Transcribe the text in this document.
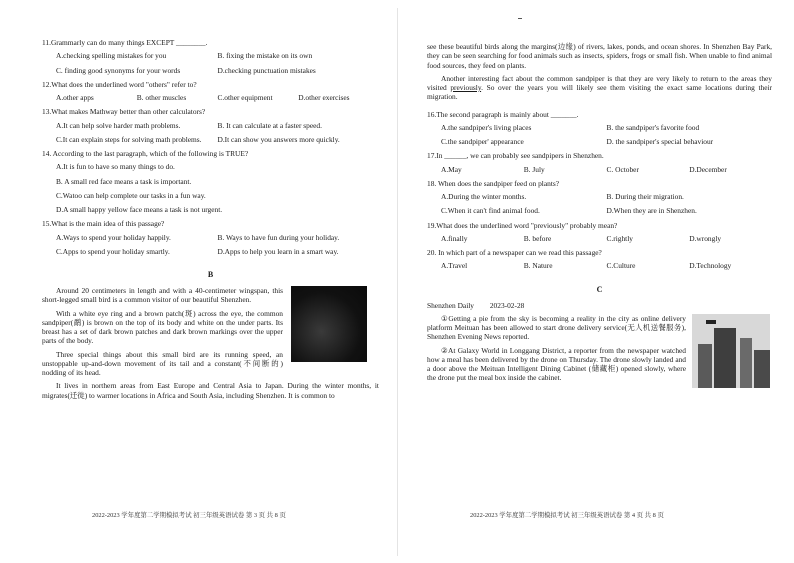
11.Grammarly can do many things EXCEPT ________.
A.checking spelling mistakes for you	B. fixing the mistake on its own
C. finding good synonyms for your words	D.checking punctuation mistakes
12.What does the underlined word "others" refer to?
A.other apps	B. other muscles	C.other equipment	D.other exercises
13.What makes Mathway better than other calculators?
A.It can help solve harder math problems.	B. It can calculate at a faster speed.
C.It can explain steps for solving math problems.	D.It can show you answers more quickly.
14. According to the last paragraph, which of the following is TRUE?
A.It is fun to have so many things to do.
B. A small red face means a task is important.
C.Watoo can help complete our tasks in a fun way.
D.A small happy yellow face means a task is not urgent.
15.What is the main idea of this passage?
A.Ways to spend your holiday happily.	B. Ways to have fun during your holiday.
C.Apps to spend your holiday smartly.	D.Apps to help you learn in a smart way.
B

Around 20 centimeters in length and with a 40-centimeter wingspan, this short-legged small bird is a common visitor of our beautiful Shenzhen.

With a white eye ring and a brown patch(斑) across the eye, the common sandpiper(鹬) is brown on the top of its body and white on the under parts. Its breast has a set of dark brown patches and dark brown markings over the upper parts of the body.

Three special things about this small bird are its running speed, an unstoppable up-and-down movement of its tail and a constant(不间断的) nodding of its head.

It lives in northern areas from East Europe and Central Asia to Japan. During the winter months, it migrates(迁徙) to warmer locations in Africa and South Asia, including Shenzhen. It is common to

2022-2023 学年度第二学期模拟考试 初三年级英语试卷 第 3 页 共 8 页

see these beautiful birds along the margins(边缘) of rivers, lakes, ponds, and ocean shores. In Shenzhen Bay Park, they can be seen searching for food animals such as insects, spiders, frogs or small fish. When unable to find animal food sources, they feed on plants.

Another interesting fact about the common sandpiper is that they are very likely to return to the areas they visited previously. So over the years you will likely see them visiting the exact same locations during their migration.

16.The second paragraph is mainly about _______.
A.the sandpiper's living places	B. the sandpiper's favorite food
C.the sandpiper' appearance	D. the sandpiper's special behaviour
17.In ______, we can probably see sandpipers in Shenzhen.
A.May	B. July	C. October	D.December
18. When does the sandpiper feed on plants?
A.During the winter months.	B. During their migration.
C.When it can't find animal food.	D.When they are in Shenzhen.
19.What does the underlined word "previously" probably mean?
A.finally	B. before	C.rightly	D.wrongly
20. In which part of a newspaper can we read this passage?
A.Travel	B. Nature	C.Culture	D.Technology
C
Shenzhen Daily 2023-02-28

①Getting a pie from the sky is becoming a reality in the city as online delivery platform Meituan has been allowed to start drone delivery service(无人机送餐服务), Shenzhen Evening News reported.

②At Galaxy World in Longgang District, a reporter from the newspaper watched how a meal has been delivered by the drone on Thursday. The drone slowly landed and a door above the Meituan Intelligent Dining Cabinet (储藏柜) opened slowly, where the drone put the meal box inside the cabinet.

2022-2023 学年度第二学期模拟考试 初三年级英语试卷 第 4 页 共 8 页
